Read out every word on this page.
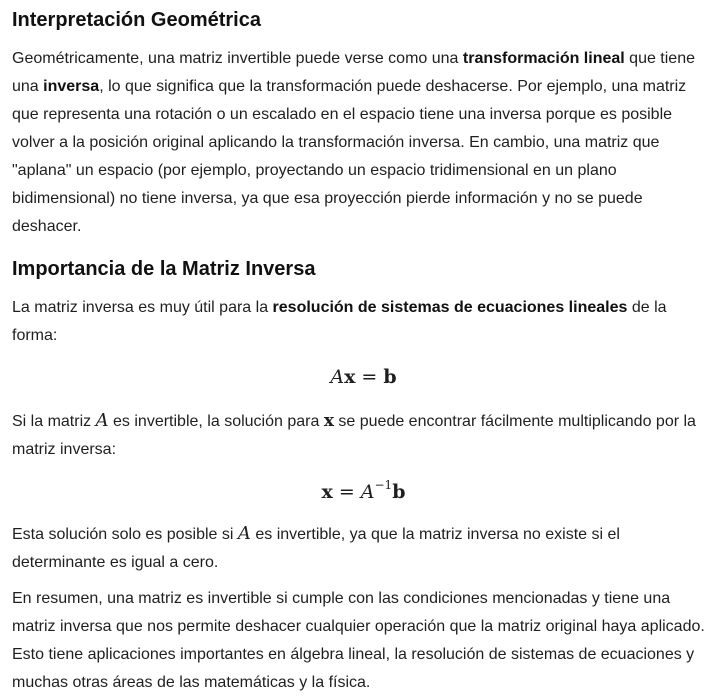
Interpretación Geométrica

Geométricamente, una matriz invertible puede verse como una transformación lineal que tiene una inversa, lo que significa que la transformación puede deshacerse. Por ejemplo, una matriz que representa una rotación o un escalado en el espacio tiene una inversa porque es posible volver a la posición original aplicando la transformación inversa. En cambio, una matriz que "aplana" un espacio (por ejemplo, proyectando un espacio tridimensional en un plano bidimensional) no tiene inversa, ya que esa proyección pierde información y no se puede deshacer.

Importancia de la Matriz Inversa

La matriz inversa es muy útil para la resolución de sistemas de ecuaciones lineales de la forma:

Ax = b

Si la matriz A es invertible, la solución para x se puede encontrar fácilmente multiplicando por la matriz inversa:

$x = A^{-1}b$

Esta solución solo es posible si A es invertible, ya que la matriz inversa no existe si el determinante es igual a cero.

En resumen, una matriz es invertible si cumple con las condiciones mencionadas y tiene una matriz inversa que nos permite deshacer cualquier operación que la matriz original haya aplicado. Esto tiene aplicaciones importantes en álgebra lineal, la resolución de sistemas de ecuaciones y muchas otras áreas de las matemáticas y la física.
